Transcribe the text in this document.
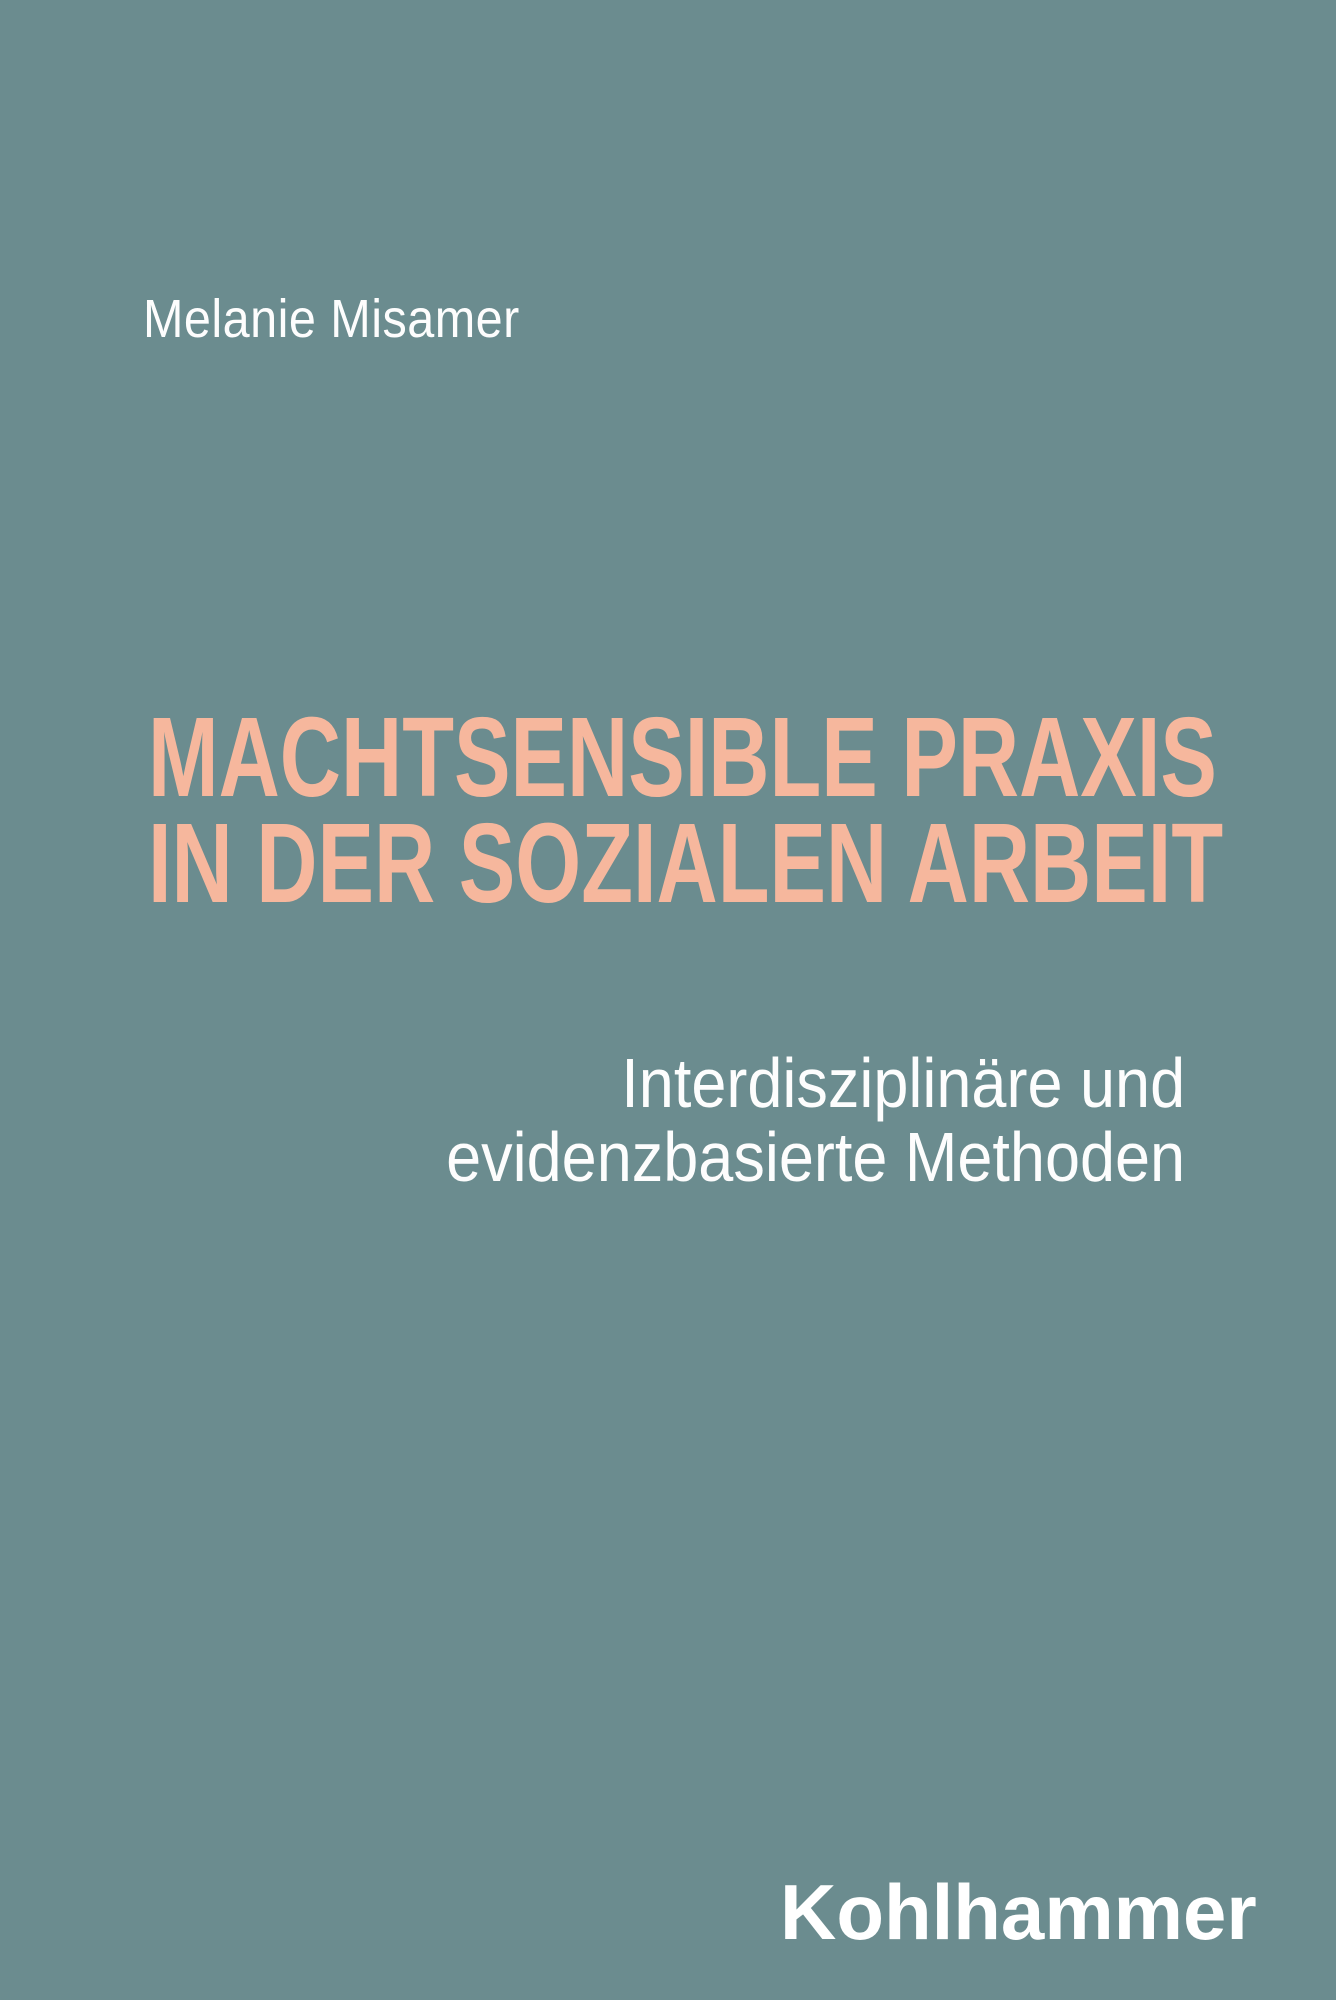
Melanie Misamer
MACHTSENSIBLE PRAXIS
IN DER SOZIALEN ARBEIT
Interdisziplinäre und
evidenzbasierte Methoden
Kohlhammer
